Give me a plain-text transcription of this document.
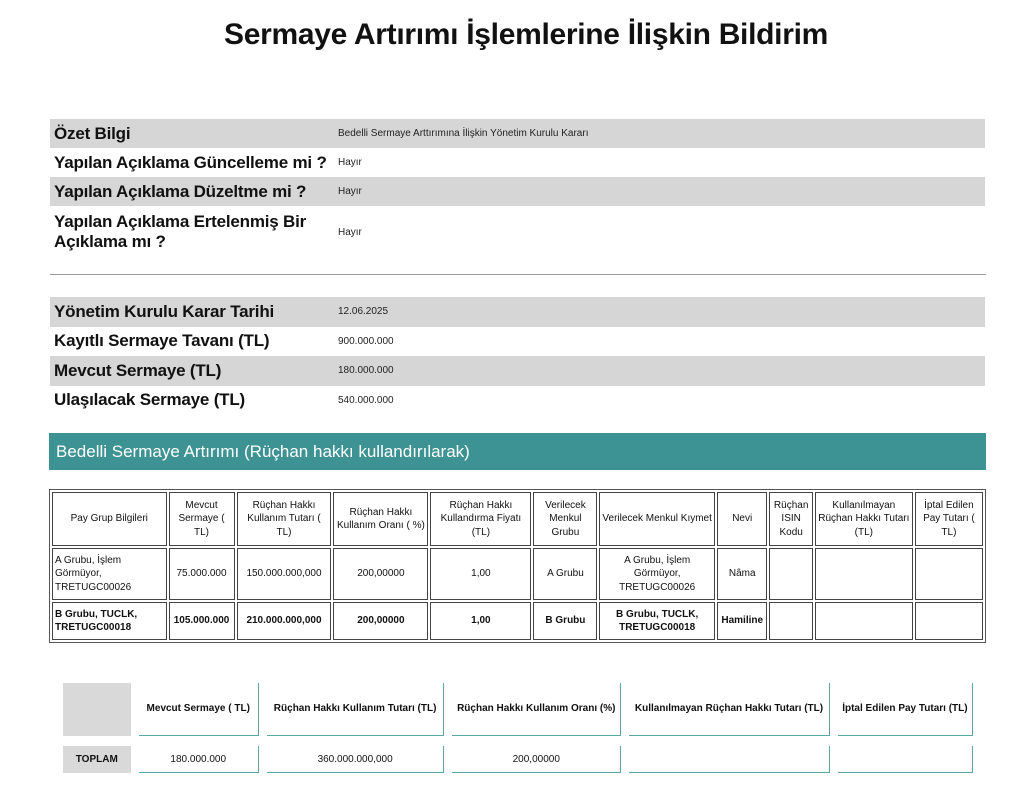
Sermaye Artırımı İşlemlerine İlişkin Bildirim
Özet Bilgi	Bedelli Sermaye Arttırımına İlişkin Yönetim Kurulu Kararı
Yapılan Açıklama Güncelleme mi ?	Hayır
Yapılan Açıklama Düzeltme mi ?	Hayır
Yapılan Açıklama Ertelenmiş Bir Açıklama mı ?	Hayır
Yönetim Kurulu Karar Tarihi	12.06.2025
Kayıtlı Sermaye Tavanı (TL)	900.000.000
Mevcut Sermaye (TL)	180.000.000
Ulaşılacak Sermaye (TL)	540.000.000
Bedelli Sermaye Artırımı (Rüçhan hakkı kullandırılarak)
Pay Grup Bilgileri	Mevcut Sermaye ( TL)	Rüçhan Hakkı Kullanım Tutarı ( TL)	Rüçhan Hakkı Kullanım Oranı ( %)	Rüçhan Hakkı Kullandırma Fiyatı (TL)	Verilecek Menkul Grubu	Verilecek Menkul Kıymet	Nevi	Rüçhan ISIN Kodu	Kullanılmayan Rüçhan Hakkı Tutarı (TL)	İptal Edilen Pay Tutarı ( TL)
A Grubu, İşlem Görmüyor, TRETUGC00026	75.000.000	150.000.000,000	200,00000	1,00	A Grubu	A Grubu, İşlem Görmüyor, TRETUGC00026	Nâma			
B Grubu, TUCLK, TRETUGC00018	105.000.000	210.000.000,000	200,00000	1,00	B Grubu	B Grubu, TUCLK, TRETUGC00018	Hamiline			
	Mevcut Sermaye ( TL)	Rüçhan Hakkı Kullanım Tutarı (TL)	Rüçhan Hakkı Kullanım Oranı (%)	Kullanılmayan Rüçhan Hakkı Tutarı (TL)	İptal Edilen Pay Tutarı (TL)

TOPLAM	180.000.000	360.000.000,000	200,00000		
